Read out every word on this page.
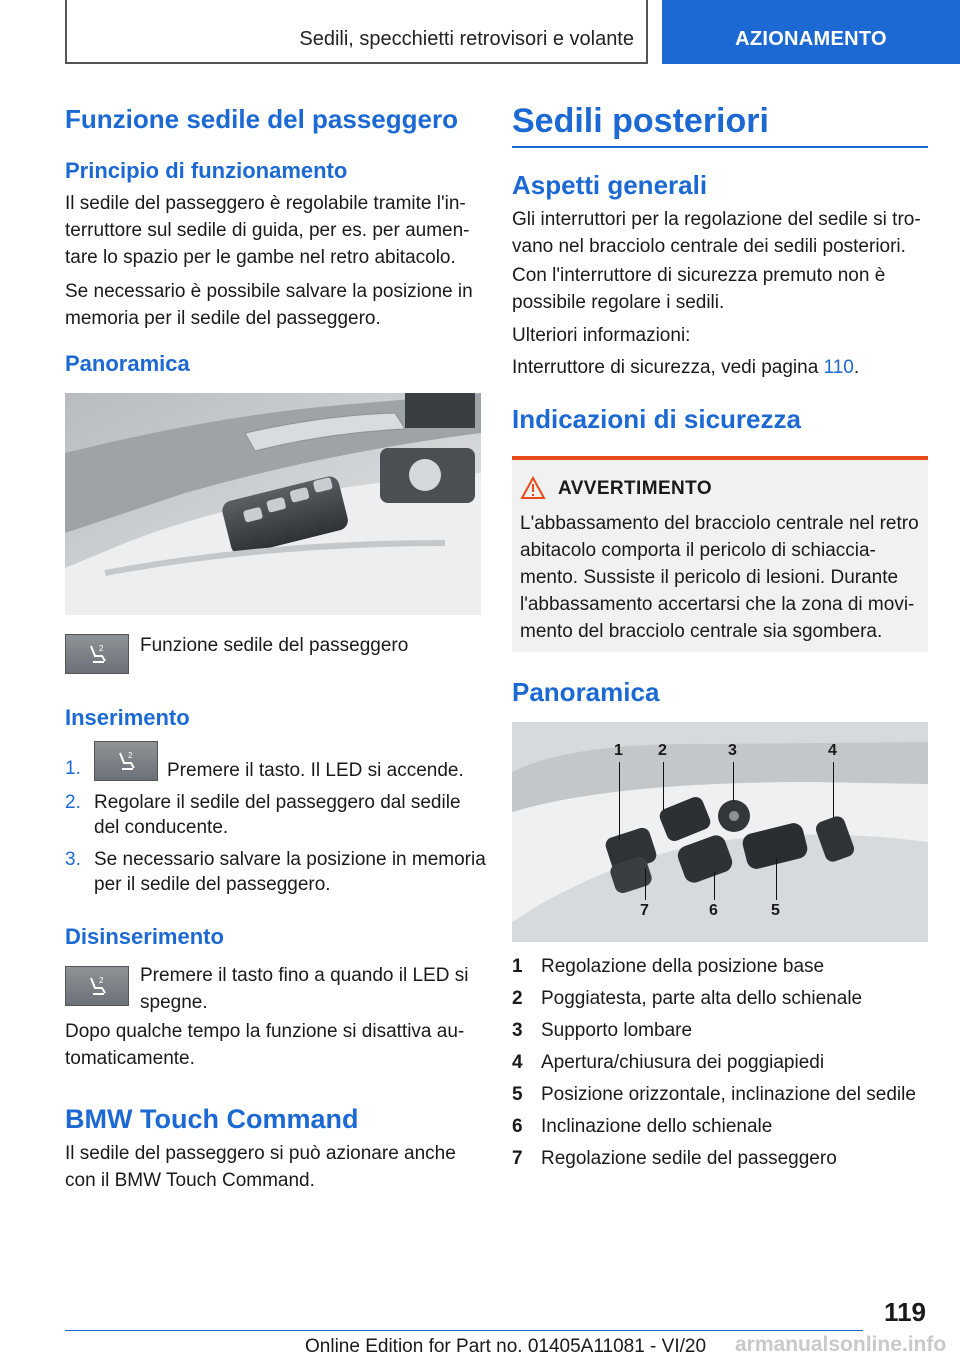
Sedili, specchietti retrovisori e volante	AZIONAMENTO
Funzione sedile del passeggero
Principio di funzionamento

Il sedile del passeggero è regolabile tramite l'in-

terruttore sul sedile di guida, per es. per aumen-

tare lo spazio per le gambe nel retro abitacolo.

Se necessario è possibile salvare la posizione in

memoria per il sedile del passeggero.

Panoramica
2 Funzione sedile del passeggero
Inserimento
1.
2
Premere il tasto. Il LED si accende.
2. Regolare il sedile del passeggero dal sedile
del conducente.
3. Se necessario salvare la posizione in memoria
per il sedile del passeggero.
Disinserimento
2 Premere il tasto fino a quando il LED si

spegne.

Dopo qualche tempo la funzione si disattiva au-

tomaticamente.

BMW Touch Command

Il sedile del passeggero si può azionare anche

con il BMW Touch Command.

Sedili posteriori
Aspetti generali

Gli interruttori per la regolazione del sedile si tro-

vano nel bracciolo centrale dei sedili posteriori.

Con l'interruttore di sicurezza premuto non è

possibile regolare i sedili.

Ulteriori informazioni:

Interruttore di sicurezza, vedi pagina 110.

Indicazioni di sicurezza
AVVERTIMENTO

L'abbassamento del bracciolo centrale nel retro

abitacolo comporta il pericolo di schiaccia-

mento. Sussiste il pericolo di lesioni. Durante

l'abbassamento accertarsi che la zona di movi-

mento del bracciolo centrale sia sgombera.

Panoramica
1 2	3	4
7	6	5
1 Regolazione della posizione base
2 Poggiatesta, parte alta dello schienale
3 Supporto lombare
4 Apertura/chiusura dei poggiapiedi
5 Posizione orizzontale, inclinazione del sedile
6 Inclinazione dello schienale
7 Regolazione sedile del passeggero
119
Online Edition for Part no. 01405A11081 - VI/20 armanualsonline.info
